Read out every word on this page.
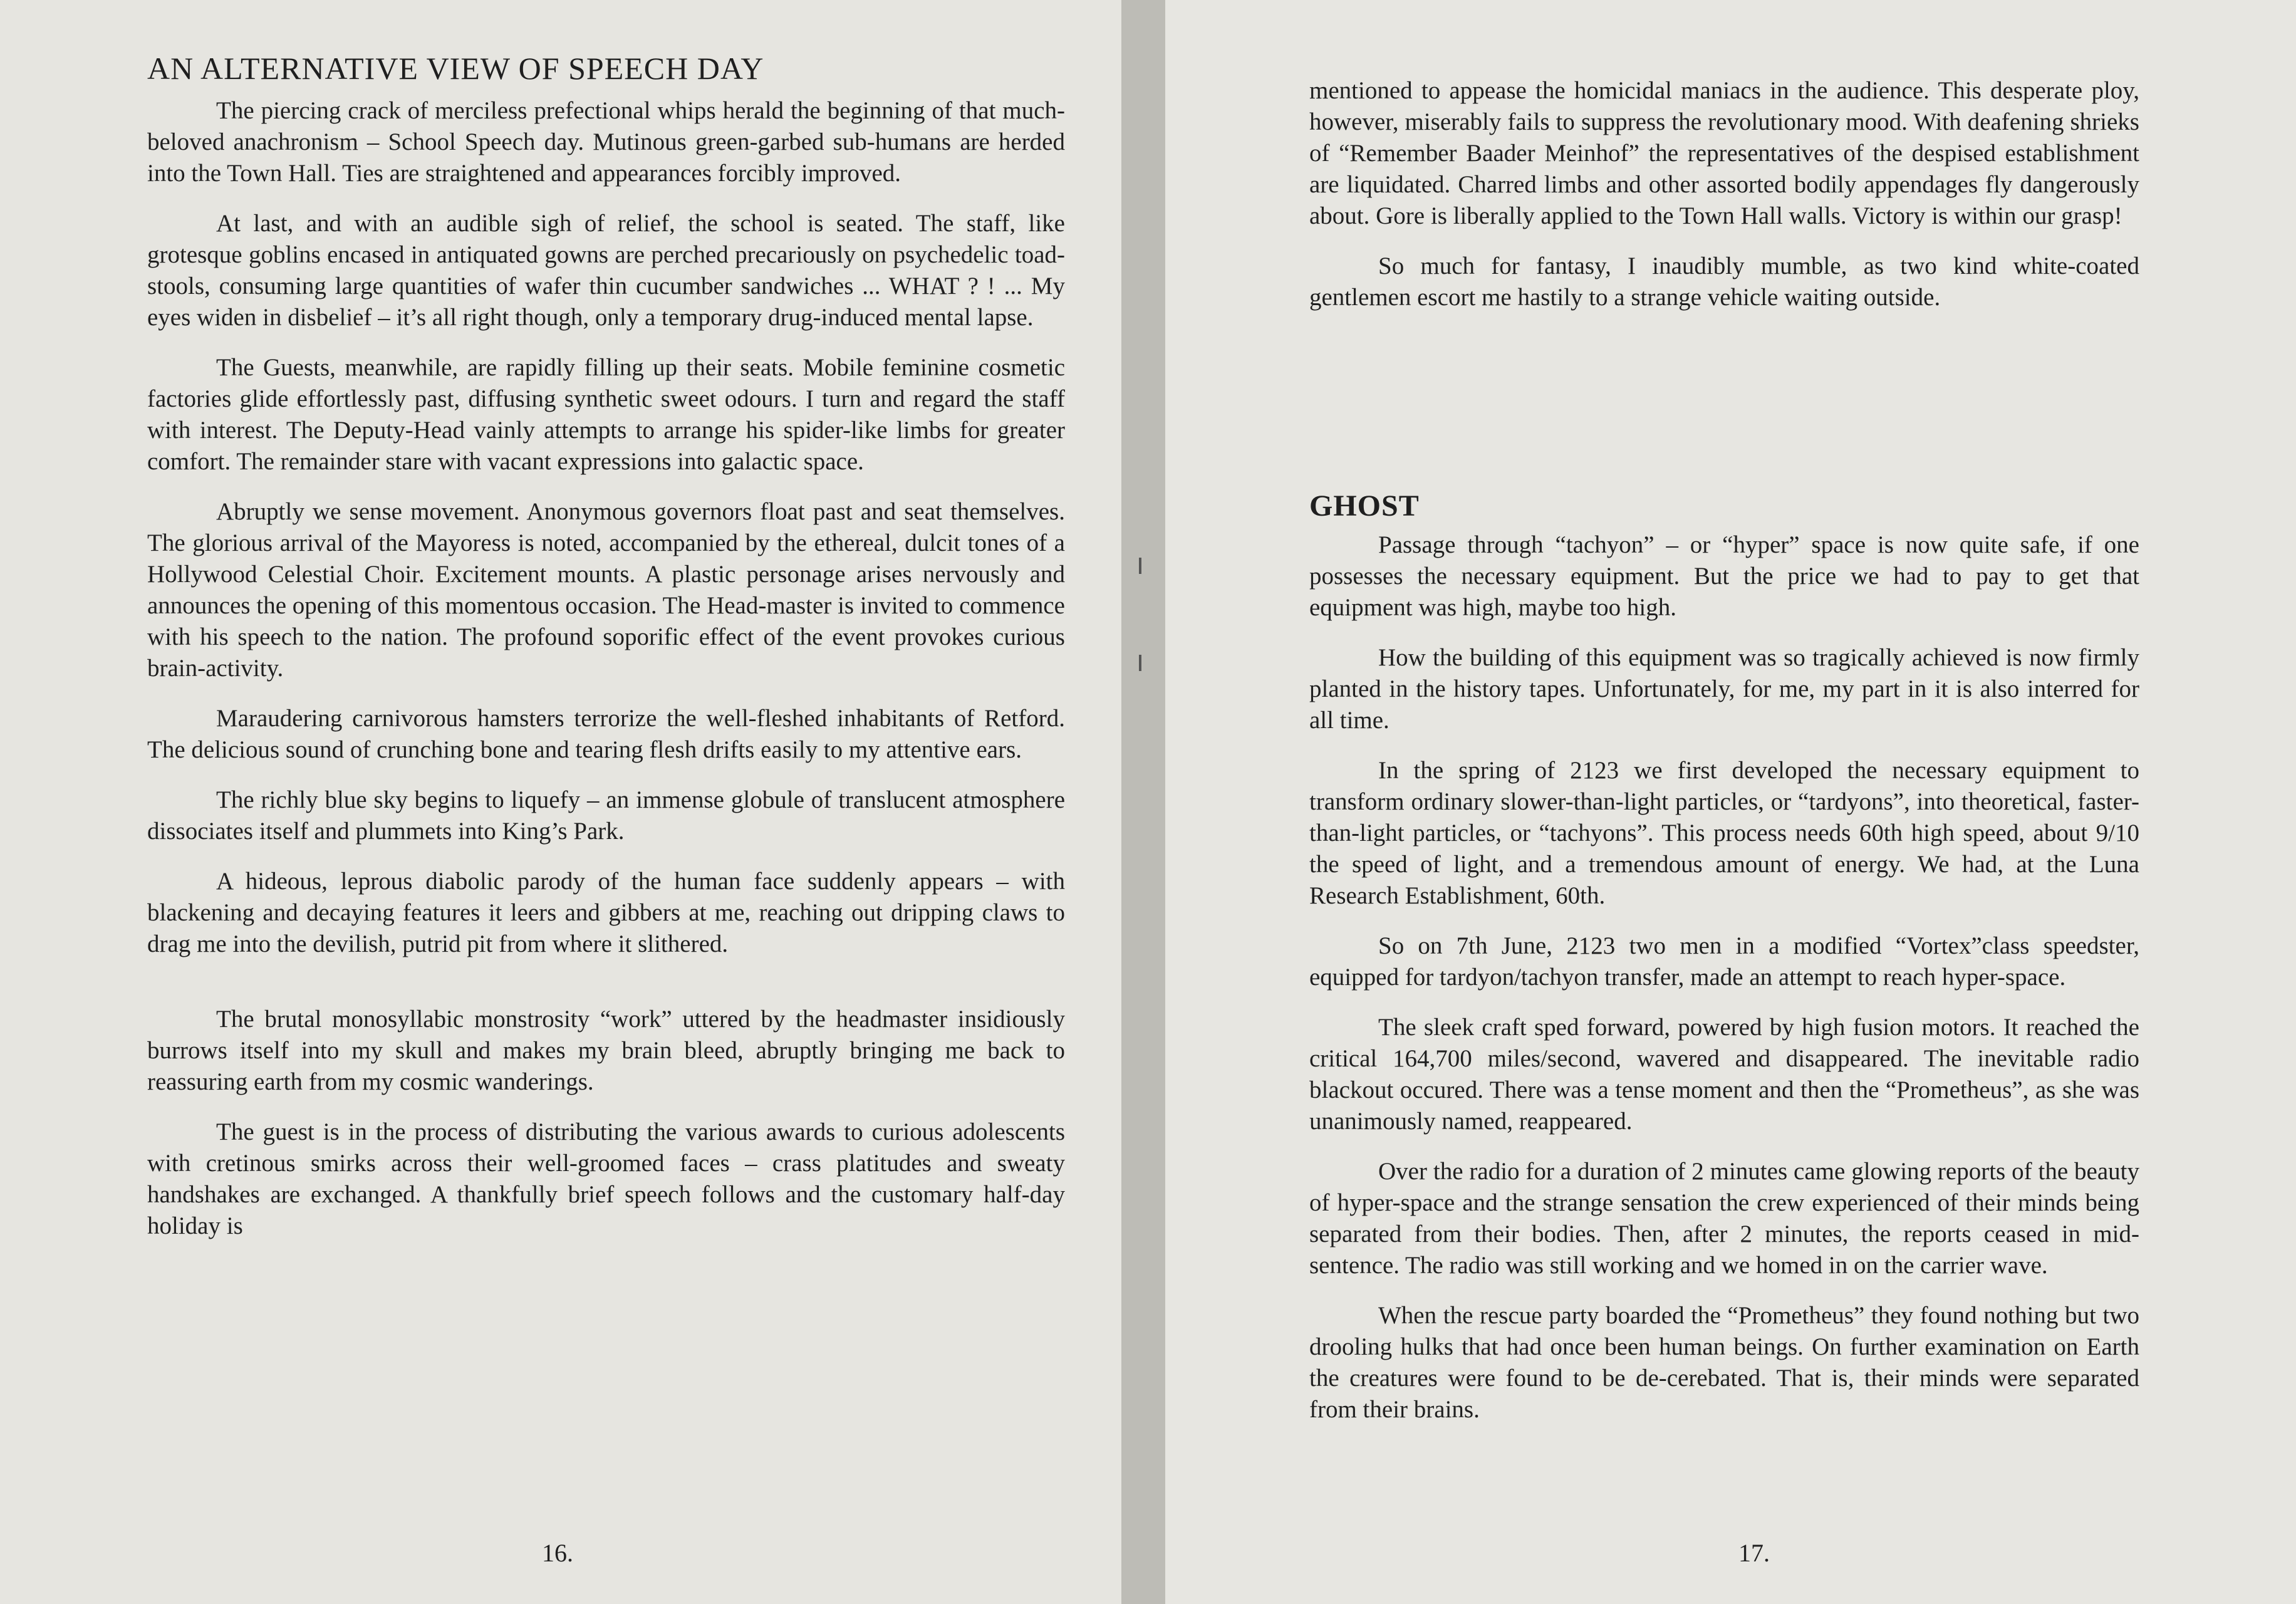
AN ALTERNATIVE VIEW OF SPEECH DAY

The piercing crack of merciless prefectional whips herald the beginning of that much-beloved anachronism – School Speech day. Mutinous green-garbed sub-humans are herded into the Town Hall. Ties are straightened and appearances forcibly improved.

At last, and with an audible sigh of relief, the school is seated. The staff, like grotesque goblins encased in antiquated gowns are perched precariously on psychedelic toad-stools, consuming large quantities of wafer thin cucumber sandwiches ... WHAT ? ! ... My eyes widen in disbelief – it’s all right though, only a temporary drug-induced mental lapse.

The Guests, meanwhile, are rapidly filling up their seats. Mobile feminine cosmetic factories glide effortlessly past, diffusing synthetic sweet odours. I turn and regard the staff with interest. The Deputy-Head vainly attempts to arrange his spider-like limbs for greater comfort. The remainder stare with vacant expressions into galactic space.

Abruptly we sense movement. Anonymous governors float past and seat themselves. The glorious arrival of the Mayoress is noted, accompanied by the ethereal, dulcit tones of a Hollywood Celestial Choir. Excitement mounts. A plastic personage arises nervously and announces the opening of this momentous occasion. The Head-master is invited to commence with his speech to the nation. The profound soporific effect of the event provokes curious brain-activity.

Maraudering carnivorous hamsters terrorize the well-fleshed inhabitants of Retford. The delicious sound of crunching bone and tearing flesh drifts easily to my attentive ears.

The richly blue sky begins to liquefy – an immense globule of translucent atmosphere dissociates itself and plummets into King’s Park.

A hideous, leprous diabolic parody of the human face suddenly appears – with blackening and decaying features it leers and gibbers at me, reaching out dripping claws to drag me into the devilish, putrid pit from where it slithered.

The brutal monosyllabic monstrosity “work” uttered by the headmaster insidiously burrows itself into my skull and makes my brain bleed, abruptly bringing me back to reassuring earth from my cosmic wanderings.

The guest is in the process of distributing the various awards to curious adolescents with cretinous smirks across their well-groomed faces – crass platitudes and sweaty handshakes are exchanged. A thankfully brief speech follows and the customary half-day holiday is

16.

mentioned to appease the homicidal maniacs in the audience. This desperate ploy, however, miserably fails to suppress the revolutionary mood. With deafening shrieks of “Remember Baader Meinhof” the representatives of the despised establishment are liquidated. Charred limbs and other assorted bodily appendages fly dangerously about. Gore is liberally applied to the Town Hall walls. Victory is within our grasp!

So much for fantasy, I inaudibly mumble, as two kind white-coated gentlemen escort me hastily to a strange vehicle waiting outside.

GHOST

Passage through “tachyon” – or “hyper” space is now quite safe, if one possesses the necessary equipment. But the price we had to pay to get that equipment was high, maybe too high.

How the building of this equipment was so tragically achieved is now firmly planted in the history tapes. Unfortunately, for me, my part in it is also interred for all time.

In the spring of 2123 we first developed the necessary equipment to transform ordinary slower-than-light particles, or “tardyons”, into theoretical, faster-than-light particles, or “tachyons”. This process needs 60th high speed, about 9/10 the speed of light, and a tremendous amount of energy. We had, at the Luna Research Establishment, 60th.

So on 7th June, 2123 two men in a modified “Vortex”class speedster, equipped for tardyon/tachyon transfer, made an attempt to reach hyper-space.

The sleek craft sped forward, powered by high fusion motors. It reached the critical 164,700 miles/second, wavered and disappeared. The inevitable radio blackout occured. There was a tense moment and then the “Prometheus”, as she was unanimously named, reappeared.

Over the radio for a duration of 2 minutes came glowing reports of the beauty of hyper-space and the strange sensation the crew experienced of their minds being separated from their bodies. Then, after 2 minutes, the reports ceased in mid-sentence. The radio was still working and we homed in on the carrier wave.

When the rescue party boarded the “Prometheus” they found nothing but two drooling hulks that had once been human beings. On further examination on Earth the creatures were found to be de-cerebated. That is, their minds were separated from their brains.

17.
